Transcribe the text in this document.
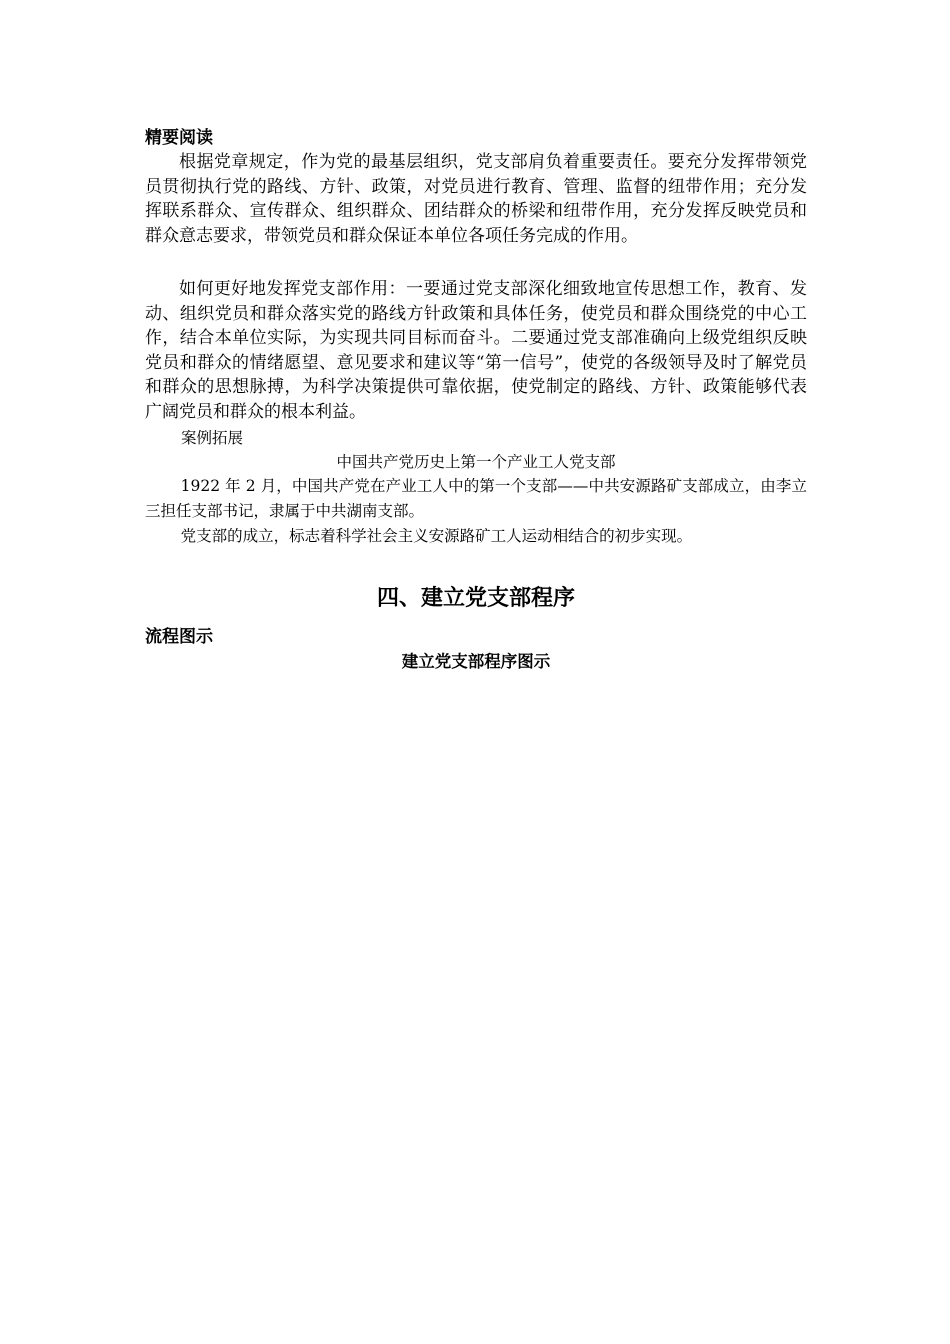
精要阅读

根据党章规定，作为党的最基层组织，党支部肩负着重要责任。要充分发挥带领党员贯彻执行党的路线、方针、政策，对党员进行教育、管理、监督的纽带作用；充分发挥联系群众、宣传群众、组织群众、团结群众的桥梁和纽带作用，充分发挥反映党员和群众意志要求，带领党员和群众保证本单位各项任务完成的作用。

如何更好地发挥党支部作用：一要通过党支部深化细致地宣传思想工作，教育、发动、组织党员和群众落实党的路线方针政策和具体任务，使党员和群众围绕党的中心工作，结合本单位实际，为实现共同目标而奋斗。二要通过党支部准确向上级党组织反映党员和群众的情绪愿望、意见要求和建议等“第一信号”，使党的各级领导及时了解党员和群众的思想脉搏，为科学决策提供可靠依据，使党制定的路线、方针、政策能够代表广阔党员和群众的根本利益。

案例拓展
中国共产党历史上第一个产业工人党支部

1922 年 2 月，中国共产党在产业工人中的第一个支部——中共安源路矿支部成立，由李立三担任支部书记，隶属于中共湖南支部。

党支部的成立，标志着科学社会主义安源路矿工人运动相结合的初步实现。

四、建立党支部程序
流程图示
建立党支部程序图示
